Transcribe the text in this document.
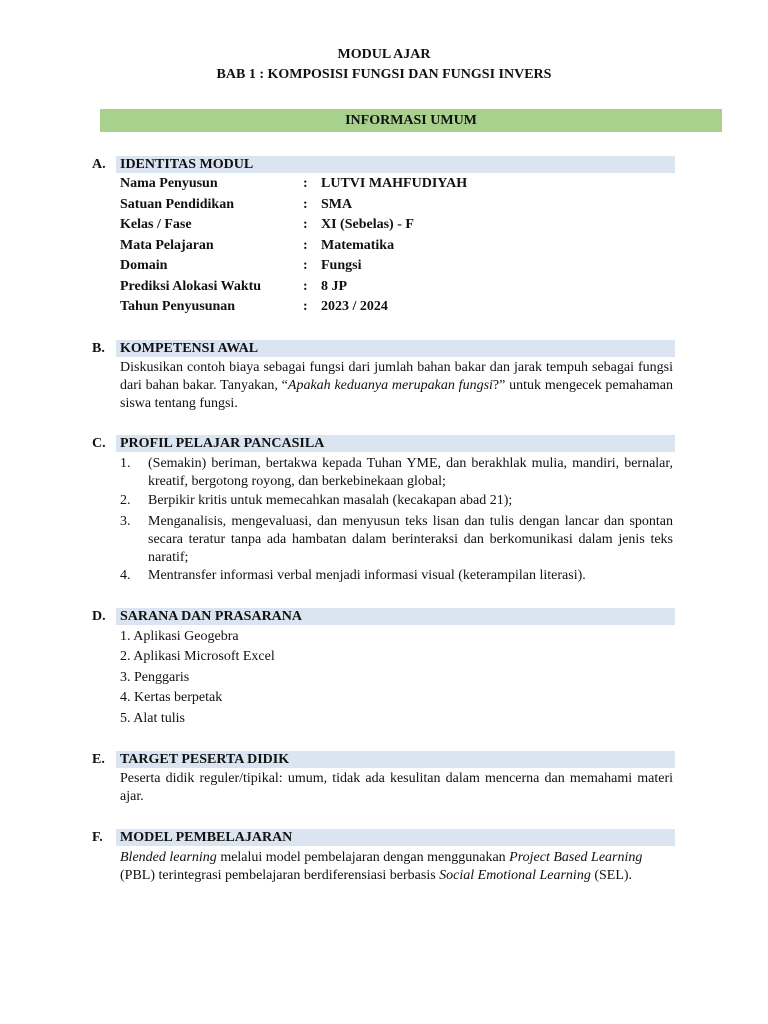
MODUL AJAR
BAB 1 : KOMPOSISI FUNGSI DAN FUNGSI INVERS
INFORMASI UMUM
A. IDENTITAS MODUL
Nama Penyusun	: LUTVI MAHFUDIYAH
Satuan Pendidikan	: SMA
Kelas / Fase	: XI (Sebelas) - F
Mata Pelajaran	: Matematika
Domain	: Fungsi
Prediksi Alokasi Waktu	: 8 JP
Tahun Penyusunan	: 2023 / 2024
B. KOMPETENSI AWAL
Diskusikan contoh biaya sebagai fungsi dari jumlah bahan bakar dan jarak tempuh sebagai fungsi dari bahan bakar. Tanyakan, “Apakah keduanya merupakan fungsi?” untuk mengecek pemahaman siswa tentang fungsi.
C. PROFIL PELAJAR PANCASILA
1. (Semakin) beriman, bertakwa kepada Tuhan YME, dan berakhlak mulia, mandiri, bernalar, kreatif, bergotong royong, dan berkebinekaan global;
2. Berpikir kritis untuk memecahkan masalah (kecakapan abad 21);
3. Menganalisis, mengevaluasi, dan menyusun teks lisan dan tulis dengan lancar dan spontan secara teratur tanpa ada hambatan dalam berinteraksi dan berkomunikasi dalam jenis teks naratif;
4. Mentransfer informasi verbal menjadi informasi visual (keterampilan literasi).
D. SARANA DAN PRASARANA
1. Aplikasi Geogebra
2. Aplikasi Microsoft Excel
3. Penggaris
4. Kertas berpetak
5. Alat tulis
E. TARGET PESERTA DIDIK
Peserta didik reguler/tipikal: umum, tidak ada kesulitan dalam mencerna dan memahami materi ajar.
F. MODEL PEMBELAJARAN
Blended learning melalui model pembelajaran dengan menggunakan Project Based Learning (PBL) terintegrasi pembelajaran berdiferensiasi berbasis Social Emotional Learning (SEL).
